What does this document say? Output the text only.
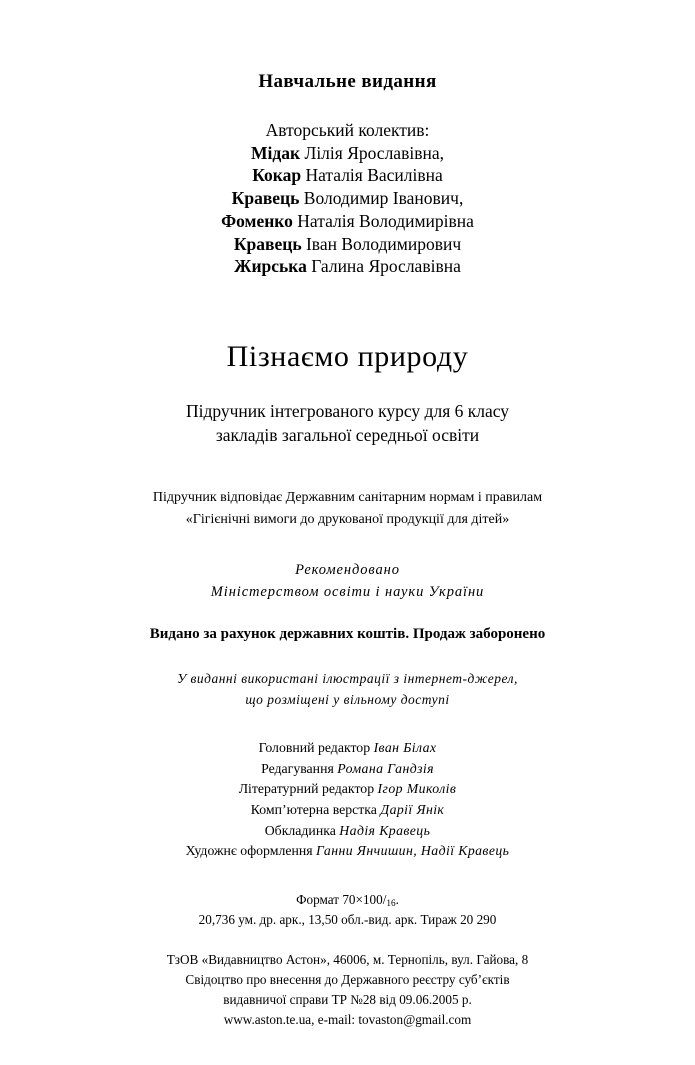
Навчальне видання
Авторський колектив:
Мідак Лілія Ярославівна,
Кокар Наталія Василівна
Кравець Володимир Іванович,
Фоменко Наталія Володимирівна
Кравець Іван Володимирович
Жирська Галина Ярославівна
Пізнаємо природу
Підручник інтегрованого курсу для 6 класу
закладів загальної середньої освіти
Підручник відповідає Державним санітарним нормам і правилам
«Гігієнічні вимоги до друкованої продукції для дітей»
Рекомендовано
Міністерством освіти і науки України
Видано за рахунок державних коштів. Продаж заборонено
У виданні використані ілюстрації з інтернет-джерел,
що розміщені у вільному доступі
Головний редактор Іван Білах
Редагування Романа Гандзія
Літературний редактор Ігор Миколів
Комп’ютерна верстка Дарії Янік
Обкладинка Надія Кравець
Художнє оформлення Ганни Янчишин, Надії Кравець
Формат 70×100/16.
20,736 ум. др. арк., 13,50 обл.-вид. арк. Тираж 20 290
ТзОВ «Видавництво Астон», 46006, м. Тернопіль, вул. Гайова, 8
Свідоцтво про внесення до Державного реєстру суб’єктів
видавничої справи ТР №28 від 09.06.2005 р.
www.aston.te.ua, e-mail: tovaston@gmail.com
